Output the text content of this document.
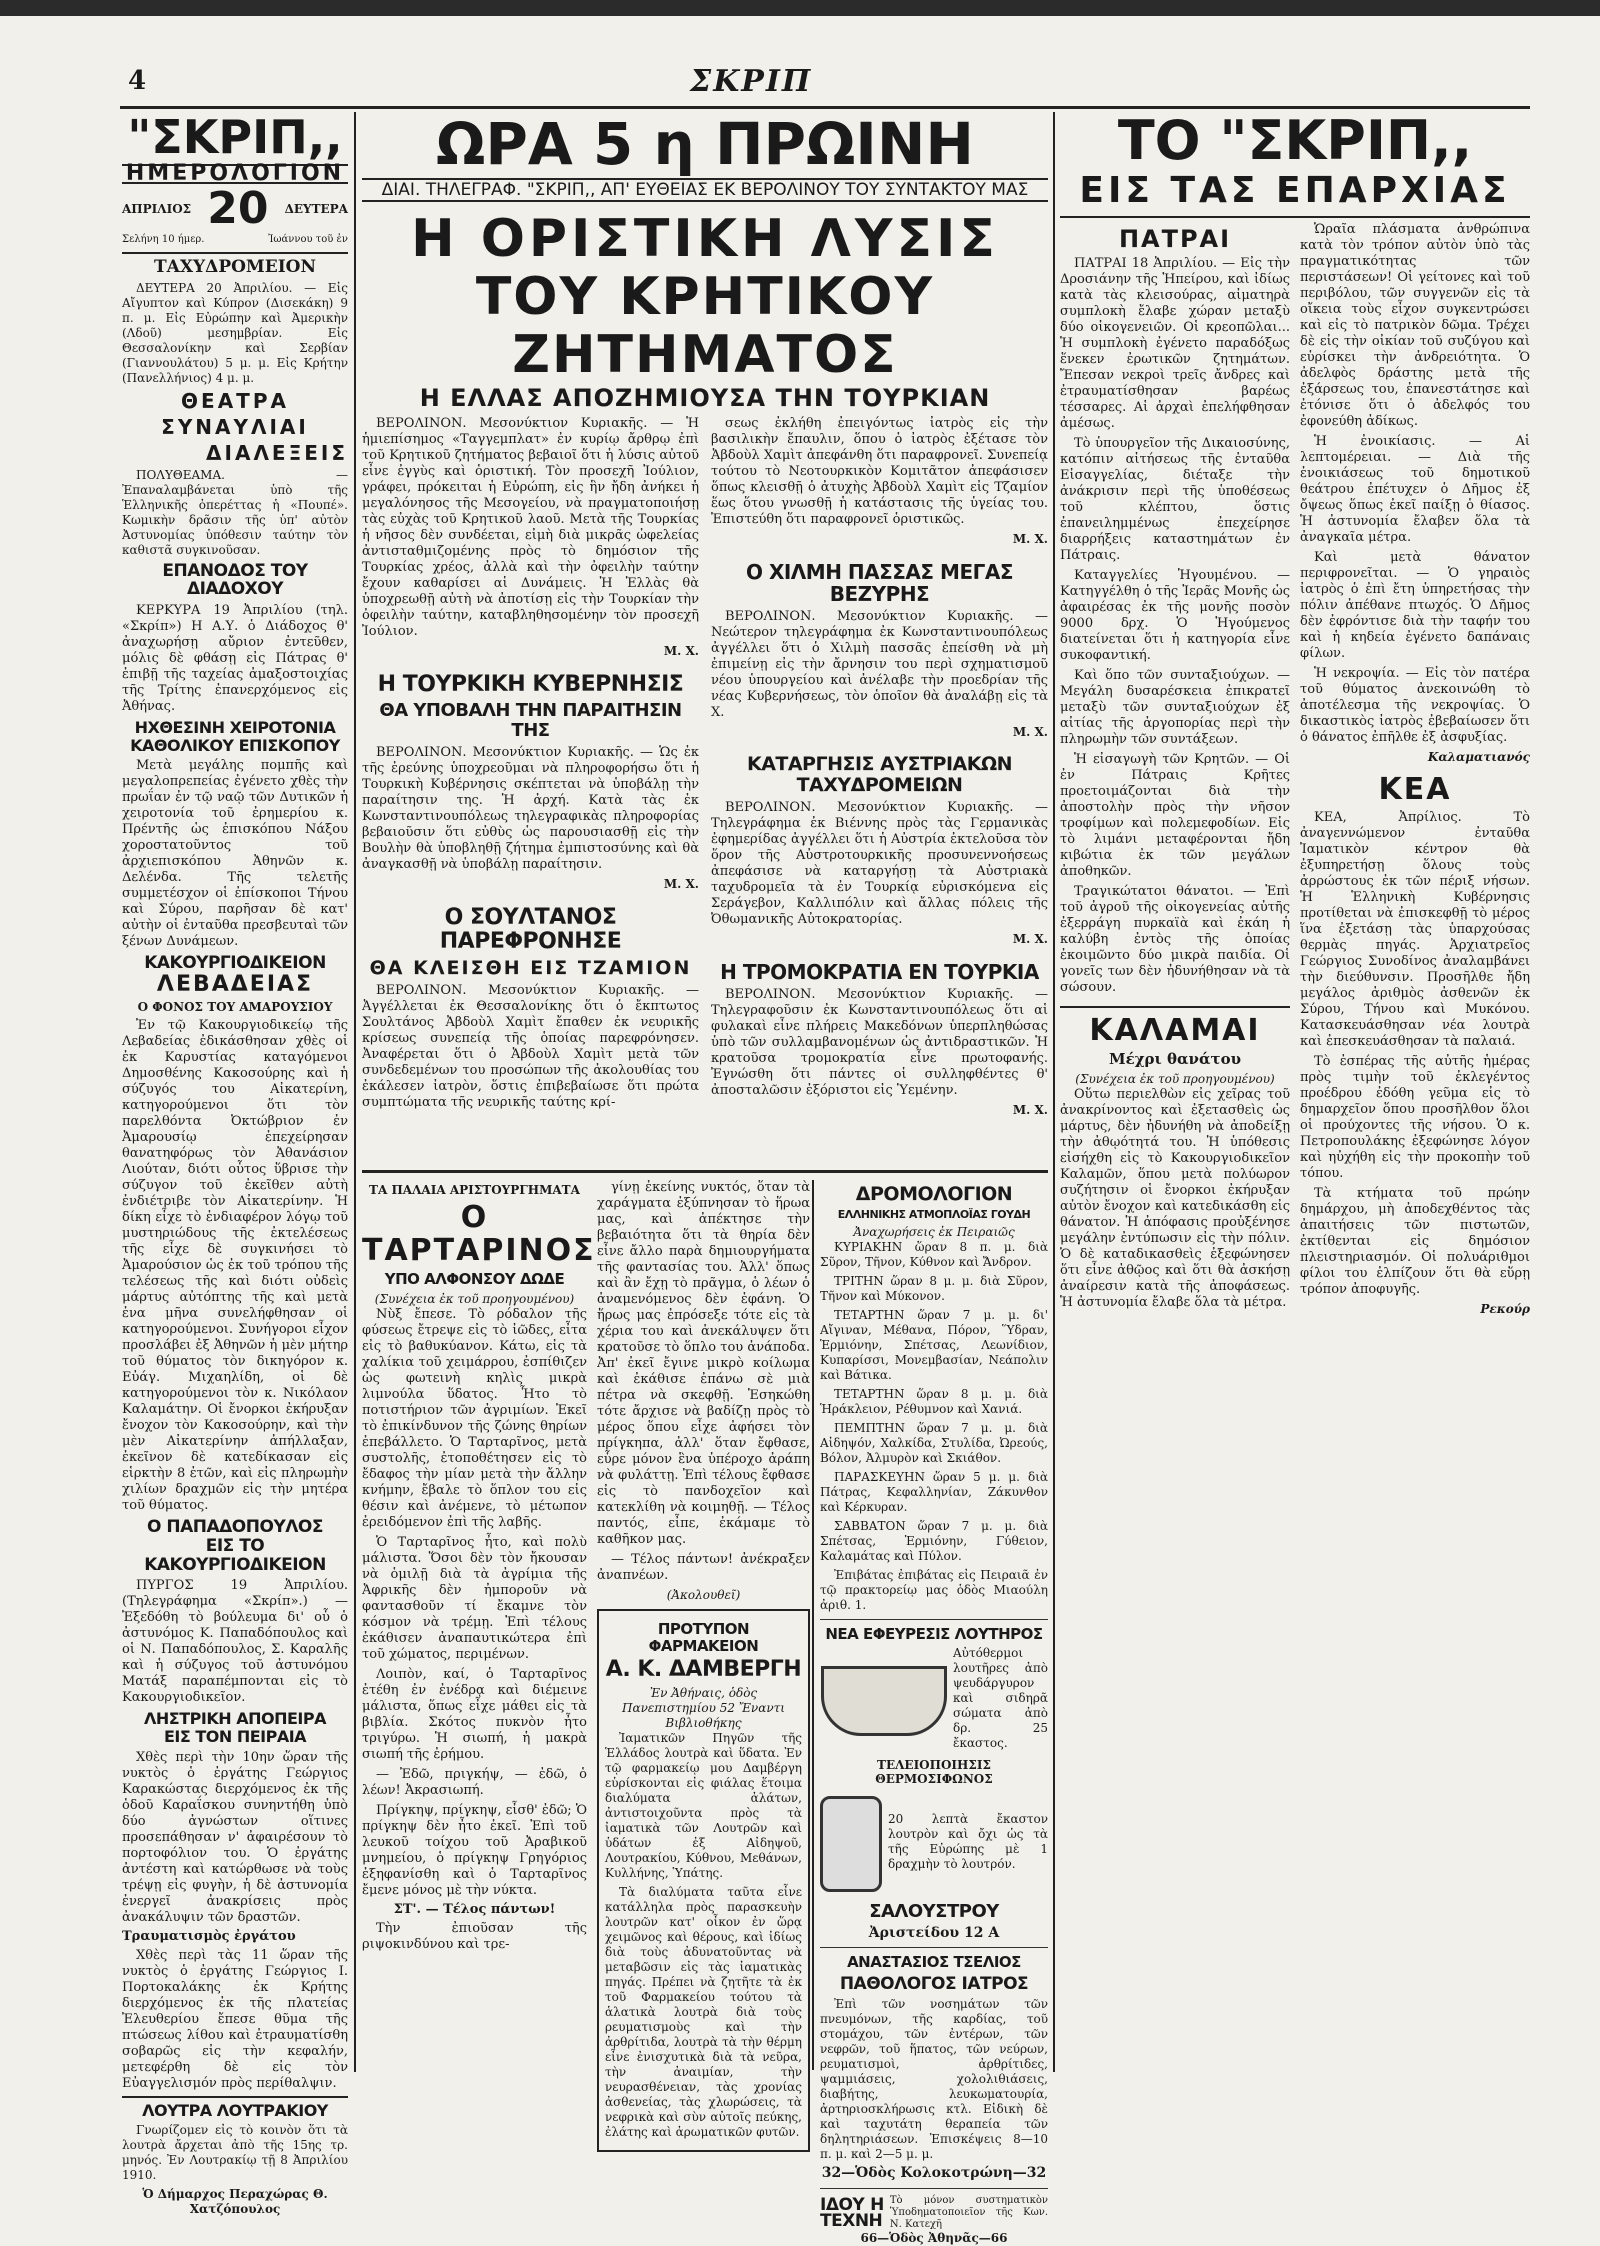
4	ΣΚΡΙΠ
"ΣΚΡΙΠ,,
ΗΜΕΡΟΛΟΓΙΟΝ
ΑΠΡΙΛΙΟΣ 20 ΔΕΥΤΕΡΑ
Σελήνη 10 ήμερ.	Ἰωάννου τοῦ ἐν
ΤΑΧΥΔΡΟΜΕΙΟΝ

ΔΕΥΤΕΡΑ 20 Ἀπριλίου. — Εἰς Αἴγυπτον καὶ Κύπρον (Δισεκάκη) 9 π. μ. Εἰς Εὐρώπην καὶ Ἀμερικὴν (Λδοῦ) μεσημβρίαν. Εἰς Θεσσαλονίκην καὶ Σερβίαν (Γιαννουλάτου) 5 μ. μ. Εἰς Κρήτην (Πανελλήνιος) 4 μ. μ.

ΘΕΑΤΡΑ
ΣΥΝΑΥΛΙΑΙ
ΔΙΑΛΕΞΕΙΣ

ΠΟΛΥΘΕΑΜΑ. — Ἐπαναλαμβάνεται ὑπὸ τῆς Ἑλληνικῆς ὀπερέττας ἡ «Πουπέ». Κωμικὴν δρᾶσιν τῆς ὑπ' αὐτὸν Ἀστυνομίας ὑπόθεσιν ταύτην τὸν καθιστᾶ συγκινοῦσαν.

ΕΠΑΝΟΔΟΣ ΤΟΥ ΔΙΑΔΟΧΟΥ

ΚΕΡΚΥΡΑ 19 Ἀπριλίου (τηλ. «Σκρίπ») Η Α.Υ. ὁ Διάδοχος θ' ἀναχωρήσῃ αὔριον ἐντεῦθεν, μόλις δὲ φθάσῃ εἰς Πάτρας θ' ἐπιβῇ τῆς ταχείας ἀμαξοστοιχίας τῆς Τρίτης ἐπανερχόμενος εἰς Ἀθήνας.

ΗΧΘΕΣΙΝΗ ΧΕΙΡΟΤΟΝΙΑ
ΚΑΘΟΛΙΚΟΥ ΕΠΙΣΚΟΠΟΥ

Μετὰ μεγάλης πομπῆς καὶ μεγαλοπρεπείας ἐγένετο χθὲς τὴν πρωΐαν ἐν τῷ ναῷ τῶν Δυτικῶν ἡ χειροτονία τοῦ ἐρημερίου κ. Πρέντῆς ὡς ἐπισκόπου Νάξου χοροστατοῦντος τοῦ ἀρχιεπισκόπου Ἀθηνῶν κ. Δελένδα. Τῆς τελετῆς συμμετέσχον οἱ ἐπίσκοποι Τήνου καὶ Σύρου, παρῆσαν δὲ κατ' αὐτὴν οἱ ἐνταῦθα πρεσβευταὶ τῶν ξένων Δυνάμεων.

ΚΑΚΟΥΡΓΙΟΔΙΚΕΙΟΝ
ΛΕΒΑΔΕΙΑΣ
Ο ΦΟΝΟΣ ΤΟΥ ΑΜΑΡΟΥΣΙΟΥ

Ἐν τῷ Κακουργιοδικείῳ τῆς Λεβαδείας ἐδικάσθησαν χθὲς οἱ ἐκ Καρυστίας καταγόμενοι Δημοσθένης Κακοσούρης καὶ ἡ σύζυγός του Αἰκατερίνη, κατηγορούμενοι ὅτι τὸν παρελθόντα Ὀκτώβριον ἐν Ἀμαρουσίῳ ἐπεχείρησαν θανατηφόρως τὸν Ἀθανάσιον Λιούταν, διότι οὗτος ὕβρισε τὴν σύζυγον τοῦ ἐκεῖθεν αὐτὴ ἐνδιέτριβε τὸν Αἰκατερίνην. Ἡ δίκη εἶχε τὸ ἐνδιαφέρον λόγῳ τοῦ μυστηριώδους τῆς ἐκτελέσεως τῆς εἶχε δὲ συγκινήσει τὸ Ἀμαρούσιον ὡς ἐκ τοῦ τρόπου τῆς τελέσεως τῆς καὶ διότι οὐδεὶς μάρτυς αὐτόπτης τῆς καὶ μετὰ ἐνα μῆνα συνελήφθησαν οἱ κατηγορούμενοι. Συνήγοροι εἶχον προσλάβει ἐξ Ἀθηνῶν ἡ μὲν μήτηρ τοῦ θύματος τὸν δικηγόρον κ. Εὐάγ. Μιχαηλίδη, οἱ δὲ κατηγορούμενοι τὸν κ. Νικόλαον Καλαμάτην. Οἱ ἔνορκοι ἐκήρυξαν ἔνοχον τὸν Κακοσούρην, καὶ τὴν μὲν Αἰκατερίνην ἀπήλλαξαν, ἐκεῖνον δὲ κατεδίκασαν εἰς εἱρκτὴν 8 ἐτῶν, καὶ εἰς πληρωμὴν χιλίων δραχμῶν εἰς τὴν μητέρα τοῦ θύματος.

Ο ΠΑΠΑΔΟΠΟΥΛΟΣ
ΕΙΣ ΤΟ ΚΑΚΟΥΡΓΙΟΔΙΚΕΙΟΝ

ΠΥΡΓΟΣ 19 Ἀπριλίου. (Τηλεγράφημα «Σκρίπ».) — Ἐξεδόθη τὸ βούλευμα δι' οὗ ὁ ἀστυνόμος Κ. Παπαδόπουλος καὶ οἱ Ν. Παπαδόπουλος, Σ. Καραλῆς καὶ ἡ σύζυγος τοῦ ἀστυνόμου Ματάξ παραπέμπονται εἰς τὸ Κακουργιοδικεῖον.

ΛΗΣΤΡΙΚΗ ΑΠΟΠΕΙΡΑ
ΕΙΣ ΤΟΝ ΠΕΙΡΑΙΑ

Χθὲς περὶ τὴν 10ην ὥραν τῆς νυκτὸς ὁ ἐργάτης Γεώργιος Καρακώστας διερχόμενος ἐκ τῆς ὁδοῦ Καραΐσκου συνηντήθη ὑπὸ δύο ἀγνώστων οἵτινες προσεπάθησαν ν' ἀφαιρέσουν τὸ πορτοφόλιον του. Ὁ ἐργάτης ἀντέστη καὶ κατώρθωσε νὰ τοὺς τρέψῃ εἰς φυγὴν, ἡ δὲ ἀστυνομία ἐνεργεῖ ἀνακρίσεις πρὸς ἀνακάλυψιν τῶν δραστῶν.

Τραυματισμὸς ἐργάτου

Χθὲς περὶ τὰς 11 ὥραν τῆς νυκτὸς ὁ ἐργάτης Γεώργιος Ι. Πορτοκαλάκης ἐκ Κρήτης διερχόμενος ἐκ τῆς πλατείας Ἐλευθερίου ἔπεσε θῦμα τῆς πτώσεως λίθου καὶ ἐτραυματίσθη σοβαρῶς εἰς τὴν κεφαλήν, μετεφέρθη δὲ εἰς τὸν Εὐαγγελισμόν πρὸς περίθαλψιν.

ΛΟΥΤΡΑ ΛΟΥΤΡΑΚΙΟΥ

Γνωρίζομεν εἰς τὸ κοινὸν ὅτι τὰ λουτρὰ ἄρχεται ἀπὸ τῆς 15ης τρ. μηνός. Ἐν Λουτρακίῳ τῇ 8 Ἀπριλίου 1910.

Ὁ Δήμαρχος Περαχώρας Θ. Χατζόπουλος
ΩΡΑ 5 η ΠΡΩΙΝΗ
ΔΙΑΙ. ΤΗΛΕΓΡΑΦ. "ΣΚΡΙΠ,, ΑΠ' ΕΥΘΕΙΑΣ ΕΚ ΒΕΡΟΛΙΝΟΥ ΤΟΥ ΣΥΝΤΑΚΤΟΥ ΜΑΣ
Η ΟΡΙΣΤΙΚΗ ΛΥΣΙΣ
ΤΟΥ ΚΡΗΤΙΚΟΥ ΖΗΤΗΜΑΤΟΣ
Η ΕΛΛΑΣ ΑΠΟΖΗΜΙΟΥΣΑ ΤΗΝ ΤΟΥΡΚΙΑΝ

ΒΕΡΟΛΙΝΟΝ. Μεσονύκτιον Κυριακῆς. — Ἡ ἡμιεπίσημος «Ταγγεμπλατ» ἐν κυρίῳ ἄρθρῳ ἐπὶ τοῦ Κρητικοῦ ζητήματος βεβαιοῖ ὅτι ἡ λύσις αὐτοῦ εἶνε ἐγγὺς καὶ ὁριστική. Τὸν προσεχῆ Ἰούλιον, γράφει, πρόκειται ἡ Εὐρώπη, εἰς ἣν ἤδη ἀνήκει ἡ μεγαλόνησος τῆς Μεσογείου, νὰ πραγματοποιήσῃ τὰς εὐχὰς τοῦ Κρητικοῦ λαοῦ. Μετὰ τῆς Τουρκίας ἡ νῆσος δὲν συνδέεται, εἰμὴ διὰ μικρᾶς ὠφελείας ἀντισταθμιζομένης πρὸς τὸ δημόσιον τῆς Τουρκίας χρέος, ἀλλὰ καὶ τὴν ὀφειλὴν ταύτην ἔχουν καθαρίσει αἱ Δυνάμεις. Ἡ Ἑλλὰς θὰ ὑποχρεωθῇ αὐτὴ νὰ ἀποτίσῃ εἰς τὴν Τουρκίαν τὴν ὀφειλὴν ταύτην, καταβληθησομένην τὸν προσεχῆ Ἰούλιον.

Μ. Χ.
Η ΤΟΥΡΚΙΚΗ ΚΥΒΕΡΝΗΣΙΣ
ΘΑ ΥΠΟΒΑΛΗ ΤΗΝ ΠΑΡΑΙΤΗΣΙΝ ΤΗΣ

ΒΕΡΟΛΙΝΟΝ. Μεσονύκτιον Κυριακῆς. — Ὡς ἐκ τῆς ἐρεύνης ὑποχρεοῦμαι νὰ πληροφορήσω ὅτι ἡ Τουρκικὴ Κυβέρνησις σκέπτεται νὰ ὑποβάλῃ τὴν παραίτησιν της. Ἡ ἀρχή. Κατὰ τὰς ἐκ Κωνσταντινουπόλεως τηλεγραφικὰς πληροφορίας βεβαιοῦσιν ὅτι εὐθὺς ὡς παρουσιασθῇ εἰς τὴν Βουλὴν θὰ ὑποβληθῇ ζήτημα ἐμπιστοσύνης καὶ θὰ ἀναγκασθῇ νὰ ὑποβάλῃ παραίτησιν.

Μ. Χ.
Ο ΣΟΥΛΤΑΝΟΣ ΠΑΡΕΦΡΟΝΗΣΕ
ΘΑ ΚΛΕΙΣΘΗ ΕΙΣ ΤΖΑΜΙΟΝ

ΒΕΡΟΛΙΝΟΝ. Μεσονύκτιον Κυριακῆς. — Ἀγγέλλεται ἐκ Θεσσαλονίκης ὅτι ὁ ἔκπτωτος Σουλτάνος Ἀβδοὺλ Χαμὶτ ἔπαθεν ἐκ νευρικῆς κρίσεως συνεπείᾳ τῆς ὁποίας παρεφρόνησεν. Ἀναφέρεται ὅτι ὁ Ἀβδοὺλ Χαμὶτ μετὰ τῶν συνδεδεμένων του προσώπων τῆς ἀκολουθίας του ἐκάλεσεν ἰατρὸν, ὅστις ἐπιβεβαίωσε ὅτι πρώτα συμπτώματα τῆς νευρικῆς ταύτης κρί-

σεως ἐκλήθη ἐπειγόντως ἰατρὸς εἰς τὴν βασιλικὴν ἔπαυλιν, ὅπου ὁ ἰατρὸς ἐξέτασε τὸν Ἀβδοὺλ Χαμὶτ ἀπεφάνθη ὅτι παραφρονεῖ. Συνεπείᾳ τούτου τὸ Νεοτουρκικὸν Κομιτᾶτον ἀπεφάσισεν ὅπως κλεισθῇ ὁ ἀτυχὴς Ἀβδοὺλ Χαμὶτ εἰς Τζαμίον ἕως ὅτου γνωσθῇ ἡ κατάστασις τῆς ὑγείας του. Ἐπιστεύθη ὅτι παραφρονεῖ ὁριστικῶς.

Μ. Χ.
Ο ΧΙΛΜΗ ΠΑΣΣΑΣ ΜΕΓΑΣ ΒΕΖΥΡΗΣ

ΒΕΡΟΛΙΝΟΝ. Μεσονύκτιον Κυριακῆς. — Νεώτερον τηλεγράφημα ἐκ Κωνσταντινουπόλεως ἀγγέλλει ὅτι ὁ Χιλμὴ πασσᾶς ἐπείσθη νὰ μὴ ἐπιμείνῃ εἰς τὴν ἄρνησιν του περὶ σχηματισμοῦ νέου ὑπουργείου καὶ ἀνέλαβε τὴν προεδρίαν τῆς νέας Κυβερνήσεως, τὸν ὁποῖον θὰ ἀναλάβῃ εἰς τὰ Χ.

Μ. Χ.
ΚΑΤΑΡΓΗΣΙΣ ΑΥΣΤΡΙΑΚΩΝ ΤΑΧΥΔΡΟΜΕΙΩΝ

ΒΕΡΟΛΙΝΟΝ. Μεσονύκτιον Κυριακῆς. — Τηλεγράφημα ἐκ Βιέννης πρὸς τὰς Γερμανικὰς ἐφημερίδας ἀγγέλλει ὅτι ἡ Αὐστρία ἐκτελοῦσα τὸν ὅρον τῆς Αὐστροτουρκικῆς προσυνεννοήσεως ἀπεφάσισε νὰ καταργήσῃ τὰ Αὐστριακὰ ταχυδρομεῖα τὰ ἐν Τουρκίᾳ εὑρισκόμενα εἰς Σεράγεβον, Καλλιπόλιν καὶ ἄλλας πόλεις τῆς Ὀθωμανικῆς Αὐτοκρατορίας.

Μ. Χ.
Η ΤΡΟΜΟΚΡΑΤΙΑ ΕΝ ΤΟΥΡΚΙΑ

ΒΕΡΟΛΙΝΟΝ. Μεσονύκτιον Κυριακῆς. — Τηλεγραφοῦσιν ἐκ Κωνσταντινουπόλεως ὅτι αἱ φυλακαὶ εἶνε πλήρεις Μακεδόνων ὑπερπληθώσας ὑπὸ τῶν συλλαμβανομένων ὡς ἀντιδραστικῶν. Ἡ κρατοῦσα τρομοκρατία εἶνε πρωτοφανής. Ἐγνώσθη ὅτι πάντες οἱ συλληφθέντες θ' ἀποσταλῶσιν ἐξόριστοι εἰς Ὑεμένην.

Μ. Χ.
ΤΑ ΠΑΛΑΙΑ ΑΡΙΣΤΟΥΡΓΗΜΑΤΑ
Ο ΤΑΡΤΑΡΙΝΟΣ
ΥΠΟ ΑΛΦΟΝΣΟΥ ΔΩΔΕ
(Συνέχεια ἐκ τοῦ προηγουμένου)

Νὺξ ἔπεσε. Τὸ ρόδαλον τῆς φύσεως ἔτρεψε εἰς τὸ ἰῶδες, εἶτα εἰς τὸ βαθυκύανον. Κάτω, εἰς τὰ χαλίκια τοῦ χειμάρρου, ἐσπίθιζεν ὡς φωτεινὴ κηλὶς μικρὰ λιμνούλα ὕδατος. Ἦτο τὸ ποτιστήριον τῶν ἀγριμίων. Ἐκεῖ τὸ ἐπικίνδυνον τῆς ζώνης θηρίων ἐπεβάλλετο. Ὁ Ταρταρῖνος, μετὰ συστολῆς, ἐτοποθέτησεν εἰς τὸ ἔδαφος τὴν μίαν μετὰ τὴν ἄλλην κνήμην, ἔβαλε τὸ ὅπλον του εἰς θέσιν καὶ ἀνέμενε, τὸ μέτωπον ἐρειδόμενον ἐπὶ τῆς λαβῆς.

Ὁ Ταρταρῖνος ἦτο, καὶ πολὺ μάλιστα. Ὅσοι δὲν τὸν ἤκουσαν νὰ ὁμιλῇ διὰ τὰ ἀγρίμια τῆς Ἀφρικῆς δὲν ἠμποροῦν νὰ φαντασθοῦν τί ἔκαμνε τὸν κόσμον νὰ τρέμῃ. Ἐπὶ τέλους ἐκάθισεν ἀναπαυτικώτερα ἐπὶ τοῦ χώματος, περιμένων.

Λοιπὸν, καί, ὁ Ταρταρῖνος ἐτέθη ἐν ἐνέδρᾳ καὶ διέμεινε μάλιστα, ὅπως εἶχε μάθει εἰς τὰ βιβλία. Σκότος πυκνὸν ἦτο τριγύρω. Ἡ σιωπή, ἡ μακρὰ σιωπή τῆς ἐρήμου.

— Ἐδῶ, πριγκήψ, — ἐδῶ, ὁ λέων! Ἀκρασιωπή.

Πρίγκηψ, πρίγκηψ, εἶσθ' ἐδῶ; Ὁ πρίγκηψ δὲν ἦτο ἐκεῖ. Ἐπὶ τοῦ λευκοῦ τοίχου τοῦ Ἀραβικοῦ μνημείου, ὁ πρίγκηψ Γρηγόριος ἐξηφανίσθη καὶ ὁ Ταρταρῖνος ἔμενε μόνος μὲ τὴν νύκτα.

ΣΤ'. — Τέλος πάντων!

Τὴν ἐπιοῦσαν τῆς ριψοκινδύνου καὶ τρε-

γίνῃ ἐκείνης νυκτός, ὅταν τὰ χαράγματα ἐξύπνησαν τὸ ἥρωα μας, καὶ ἀπέκτησε τὴν βεβαιότητα ὅτι τὰ θηρία δὲν εἶνε ἄλλο παρὰ δημιουργήματα τῆς φαντασίας του. Ἀλλ' ὅπως καὶ ἂν ἔχῃ τὸ πρᾶγμα, ὁ λέων ὁ ἀναμενόμενος δὲν ἐφάνη. Ὁ ἥρως μας ἐπρόσεξε τότε εἰς τὰ χέρια του καὶ ἀνεκάλυψεν ὅτι κρατοῦσε τὸ ὅπλο του ἀνάποδα. Ἀπ' ἐκεῖ ἔγινε μικρὸ κοίλωμα καὶ ἐκάθισε ἐπάνω σὲ μιὰ πέτρα νὰ σκεφθῇ. Ἐσηκώθη τότε ἄρχισε νὰ βαδίζῃ πρὸς τὸ μέρος ὅπου εἶχε ἀφήσει τὸν πρίγκηπα, ἀλλ' ὅταν ἔφθασε, εὗρε μόνον ἓνα ὑπέροχο ἀράπη νὰ φυλάττῃ. Ἐπὶ τέλους ἔφθασε εἰς τὸ πανδοχεῖον καὶ κατεκλίθη νὰ κοιμηθῇ. — Τέλος παντός, εἶπε, ἐκάμαμε τὸ καθῆκον μας.

— Τέλος πάντων! ἀνέκραξεν ἀναπνέων.

(Ἀκολουθεῖ)
ΠΡΟΤΥΠΟΝ ΦΑΡΜΑΚΕΙΟΝ
Α. Κ. ΔΑΜΒΕΡΓΗ
Ἐν Ἀθήναις, ὁδὸς Πανεπιστημίου 52 Ἔναντι Βιβλιοθήκης

Ἰαματικῶν Πηγῶν τῆς Ἑλλάδος λουτρὰ καὶ ὕδατα. Ἐν τῷ φαρμακείῳ μου Δαμβέργη εὑρίσκονται εἰς φιάλας ἕτοιμα διαλύματα ἀλάτων, ἀντιστοιχοῦντα πρὸς τὰ ἰαματικὰ τῶν Λουτρῶν καὶ ὑδάτων ἐξ Αἰδηψοῦ, Λουτρακίου, Κύθνου, Μεθάνων, Κυλλήνης, Ὑπάτης.

Τὰ διαλύματα ταῦτα εἶνε κατάλληλα πρὸς παρασκευὴν λουτρῶν κατ' οἶκον ἐν ὥρᾳ χειμῶνος καὶ θέρους, καὶ ἰδίως διὰ τοὺς ἀδυνατοῦντας νὰ μεταβῶσιν εἰς τὰς ἰαματικὰς πηγάς. Πρέπει νὰ ζητῆτε τὰ ἐκ τοῦ Φαρμακείου τούτου τὰ ἁλατικὰ λουτρὰ διὰ τοὺς ρευματισμοὺς καὶ τὴν ἀρθρίτιδα, λουτρὰ τὰ τὴν θέρμη εἶνε ἐνισχυτικὰ διὰ τὰ νεῦρα, τὴν ἀναιμίαν, τὴν νευρασθένειαν, τὰς χρονίας ἀσθενείας, τὰς χλωρώσεις, τὰ νεφρικὰ καὶ σὺν αὐτοῖς πεύκης, ἐλάτης καὶ ἀρωματικῶν φυτῶν.

ΔΡΟΜΟΛΟΓΙΟΝ
ΕΛΛΗΝΙΚΗΣ ΑΤΜΟΠΛΟΪΑΣ ΓΟΥΔΗ
Ἀναχωρήσεις ἐκ Πειραιῶς

ΚΥΡΙΑΚΗΝ ὥραν 8 π. μ. διὰ Σῦρον, Τῆνον, Κύθνον καὶ Ἄνδρον.

ΤΡΙΤΗΝ ὥραν 8 μ. μ. διὰ Σῦρον, Τῆνον καὶ Μύκονον.

ΤΕΤΑΡΤΗΝ ὥραν 7 μ. μ. δι' Αἴγιναν, Μέθανα, Πόρον, Ὕδραν, Ἑρμιόνην, Σπέτσας, Λεωνίδιον, Κυπαρίσσι, Μονεμβασίαν, Νεάπολιν καὶ Βάτικα.

ΤΕΤΑΡΤΗΝ ὥραν 8 μ. μ. διὰ Ἡράκλειον, Ρέθυμνον καὶ Χανιά.

ΠΕΜΠΤΗΝ ὥραν 7 μ. μ. διὰ Αἰδηψόν, Χαλκίδα, Στυλίδα, Ὠρεούς, Βόλον, Ἀλμυρὸν καὶ Σκιάθον.

ΠΑΡΑΣΚΕΥΗΝ ὥραν 5 μ. μ. διὰ Πάτρας, Κεφαλληνίαν, Ζάκυνθον καὶ Κέρκυραν.

ΣΑΒΒΑΤΟΝ ὥραν 7 μ. μ. διὰ Σπέτσας, Ἑρμιόνην, Γύθειον, Καλαμάτας καὶ Πύλον.

Ἐπιβάτας ἐπιβάτας εἰς Πειραιᾶ ἐν τῷ πρακτορείῳ μας ὁδὸς Μιαούλη ἀριθ. 1.

ΝΕΑ ΕΦΕΥΡΕΣΙΣ ΛΟΥΤΗΡΟΣ

Αὐτόθερμοι λουτῆρες ἀπὸ ψευδάργυρον καὶ σιδηρᾶ σώματα ἀπὸ δρ. 25 ἔκαστος.

ΤΕΛΕΙΟΠΟΙΗΣΙΣ ΘΕΡΜΟΣΙΦΩΝΟΣ

20 λεπτὰ ἔκαστον λουτρὸν καὶ ὄχι ὡς τὰ τῆς Εὐρώπης μὲ 1 δραχμὴν τὸ λουτρόν.

ΣΑΛΟΥΣΤΡΟΥ
Ἀριστείδου 12 Α
ΑΝΑΣΤΑΣΙΟΣ ΤΣΕΛΙΟΣ
ΠΑΘΟΛΟΓΟΣ ΙΑΤΡΟΣ

Ἐπὶ τῶν νοσημάτων τῶν πνευμόνων, τῆς καρδίας, τοῦ στομάχου, τῶν ἐντέρων, τῶν νεφρῶν, τοῦ ἥπατος, τῶν νεύρων, ρευματισμοὶ, ἀρθρίτιδες, ψαμμιάσεις, χολολιθιάσεις, διαβήτης, λευκωματουρία, ἀρτηριοσκλήρωσις κτλ. Εἰδικὴ δὲ καὶ ταχυτάτη θεραπεία τῶν δηλητηριάσεων. Ἐπισκέψεις 8—10 π. μ. καὶ 2—5 μ. μ.

32—Ὁδὸς Κολοκοτρώνη—32
ΙΔΟΥ Η ΤΕΧΝΗ
Τὸ μόνον συστηματικὸν Ὑποδηματοποιεῖον τῆς Κων. Ν. Κατεχῆ
66—Ὁδὸς Ἀθηνᾶς—66
ΤΟ "ΣΚΡΙΠ,,
ΕΙΣ ΤΑΣ ΕΠΑΡΧΙΑΣ
ΠΑΤΡΑΙ

ΠΑΤΡΑΙ 18 Ἀπριλίου. — Εἰς τὴν Δροσιάνην τῆς Ἠπείρου, καὶ ἰδίως κατὰ τὰς κλεισούρας, αἰματηρὰ συμπλοκὴ ἔλαβε χώραν μεταξὺ δύο οἰκογενειῶν. Οἱ κρεοπῶλαι... Ἡ συμπλοκὴ ἐγένετο παραδόξως ἕνεκεν ἐρωτικῶν ζητημάτων. Ἔπεσαν νεκροὶ τρεῖς ἄνδρες καὶ ἐτραυματίσθησαν βαρέως τέσσαρες. Αἱ ἀρχαὶ ἐπελήφθησαν ἀμέσως.

Τὸ ὑπουργεῖον τῆς Δικαιοσύνης, κατόπιν αἰτήσεως τῆς ἐνταῦθα Εἰσαγγελίας, διέταξε τὴν ἀνάκρισιν περὶ τῆς ὑποθέσεως τοῦ κλέπτου, ὅστις ἐπανειλημμένως ἐπεχείρησε διαρρήξεις καταστημάτων ἐν Πάτραις.

Καταγγελίες Ἡγουμένου. — Κατηγγέλθη ὁ τῆς Ἱερᾶς Μονῆς ὡς ἀφαιρέσας ἐκ τῆς μονῆς ποσὸν 9000 δρχ. Ὁ Ἡγούμενος διατείνεται ὅτι ἡ κατηγορία εἶνε συκοφαντική.

Καὶ ὅπο τῶν συνταξιούχων. — Μεγάλη δυσαρέσκεια ἐπικρατεῖ μεταξὺ τῶν συνταξιούχων ἐξ αἰτίας τῆς ἀργοπορίας περὶ τὴν πληρωμὴν τῶν συντάξεων.

Ἡ εἰσαγωγὴ τῶν Κρητῶν. — Οἱ ἐν Πάτραις Κρῆτες προετοιμάζονται διὰ τὴν ἀποστολὴν πρὸς τὴν νῆσον τροφίμων καὶ πολεμεφοδίων. Εἰς τὸ λιμάνι μεταφέρονται ἤδη κιβώτια ἐκ τῶν μεγάλων ἀποθηκῶν.

Τραγικώτατοι θάνατοι. — Ἐπὶ τοῦ ἀγροῦ τῆς οἰκογενείας αὐτῆς ἐξερράγη πυρκαϊὰ καὶ ἐκάη ἡ καλύβη ἐντὸς τῆς ὁποίας ἐκοιμῶντο δύο μικρὰ παιδία. Οἱ γονεῖς των δὲν ἠδυνήθησαν νὰ τὰ σώσουν.

ΚΑΛΑΜΑΙ
Μέχρι θανάτου
(Συνέχεια ἐκ τοῦ προηγουμένου)

Οὕτω περιελθὼν εἰς χεῖρας τοῦ ἀνακρίνοντος καὶ ἐξετασθεὶς ὡς μάρτυς, δὲν ἠδυνήθη νὰ ἀποδείξῃ τὴν ἀθῳότητά του. Ἡ ὑπόθεσις εἰσήχθη εἰς τὸ Κακουργιοδικεῖον Καλαμῶν, ὅπου μετὰ πολύωρον συζήτησιν οἱ ἔνορκοι ἐκήρυξαν αὐτὸν ἔνοχον καὶ κατεδικάσθη εἰς θάνατον. Ἡ ἀπόφασις προὐξένησε μεγάλην ἐντύπωσιν εἰς τὴν πόλιν. Ὁ δὲ καταδικασθεὶς ἐξεφώνησεν ὅτι εἶνε ἀθῷος καὶ ὅτι θὰ ἀσκήσῃ ἀναίρεσιν κατὰ τῆς ἀποφάσεως. Ἡ ἀστυνομία ἔλαβε ὅλα τὰ μέτρα.

Ὡραῖα πλάσματα ἀνθρώπινα κατὰ τὸν τρόπον αὐτὸν ὑπὸ τὰς πραγματικότητας τῶν περιστάσεων! Οἱ γείτονες καὶ τοῦ περιβόλου, τῶν συγγενῶν εἰς τὰ οἴκεια τοὺς εἶχον συγκεντρώσει καὶ εἰς τὸ πατρικὸν δῶμα. Τρέχει δὲ εἰς τὴν οἰκίαν τοῦ συζύγου καὶ εὑρίσκει τὴν ἀνδρειότητα. Ὁ ἀδελφὸς δράστης μετὰ τῆς ἐξάρσεως του, ἐπανεστάτησε καὶ ἐτόνισε ὅτι ὁ ἀδελφός του ἐφονεύθη ἀδίκως.

Ἡ ἐνοικίασις. — Αἱ λεπτομέρειαι. — Διὰ τῆς ἐνοικιάσεως τοῦ δημοτικοῦ θεάτρου ἐπέτυχεν ὁ Δῆμος ἐξ ὄψεως ὅπως ἐκεῖ παίξῃ ὁ θίασος. Ἡ ἀστυνομία ἔλαβεν ὅλα τὰ ἀναγκαῖα μέτρα.

Καὶ μετὰ θάνατον περιφρονεῖται. — Ὁ γηραιὸς ἰατρὸς ὁ ἐπὶ ἔτη ὑπηρετήσας τὴν πόλιν ἀπέθανε πτωχός. Ὁ Δῆμος δὲν ἐφρόντισε διὰ τὴν ταφήν του καὶ ἡ κηδεία ἐγένετο δαπάναις φίλων.

Ἡ νεκροψία. — Εἰς τὸν πατέρα τοῦ θύματος ἀνεκοινώθη τὸ ἀποτέλεσμα τῆς νεκροψίας. Ὁ δικαστικὸς ἰατρὸς ἐβεβαίωσεν ὅτι ὁ θάνατος ἐπῆλθε ἐξ ἀσφυξίας.

Καλαματιανός
ΚΕΑ

ΚΕΑ, Ἀπρίλιος. Τὸ ἀναγεννώμενον ἐνταῦθα Ἰαματικὸν κέντρον θὰ ἐξυπηρετήσῃ ὅλους τοὺς ἀρρώστους ἐκ τῶν πέριξ νήσων. Ἡ Ἑλληνικὴ Κυβέρνησις προτίθεται νὰ ἐπισκεφθῇ τὸ μέρος ἵνα ἐξετάσῃ τὰς ὑπαρχούσας θερμὰς πηγάς. Ἀρχιατρεῖος Γεώργιος Συνοδίνος ἀναλαμβάνει τὴν διεύθυνσιν. Προσῆλθε ἤδη μεγάλος ἀριθμὸς ἀσθενῶν ἐκ Σύρου, Τήνου καὶ Μυκόνου. Κατασκευάσθησαν νέα λουτρὰ καὶ ἐπεσκευάσθησαν τὰ παλαιά.

Τὸ ἐσπέρας τῆς αὐτῆς ἡμέρας πρὸς τιμὴν τοῦ ἐκλεγέντος προέδρου ἐδόθη γεῦμα εἰς τὸ δημαρχεῖον ὅπου προσῆλθον ὅλοι οἱ προύχοντες τῆς νήσου. Ὁ κ. Πετροπουλάκης ἐξεφώνησε λόγον καὶ ηὐχήθη εἰς τὴν προκοπὴν τοῦ τόπου.

Τὰ κτήματα τοῦ πρώην δημάρχου, μὴ ἀποδεχθέντος τὰς ἀπαιτήσεις τῶν πιστωτῶν, ἐκτίθενται εἰς δημόσιον πλειστηριασμόν. Οἱ πολυάριθμοι φίλοι του ἐλπίζουν ὅτι θὰ εὕρῃ τρόπον ἀποφυγῆς.

Ρεκούρ
